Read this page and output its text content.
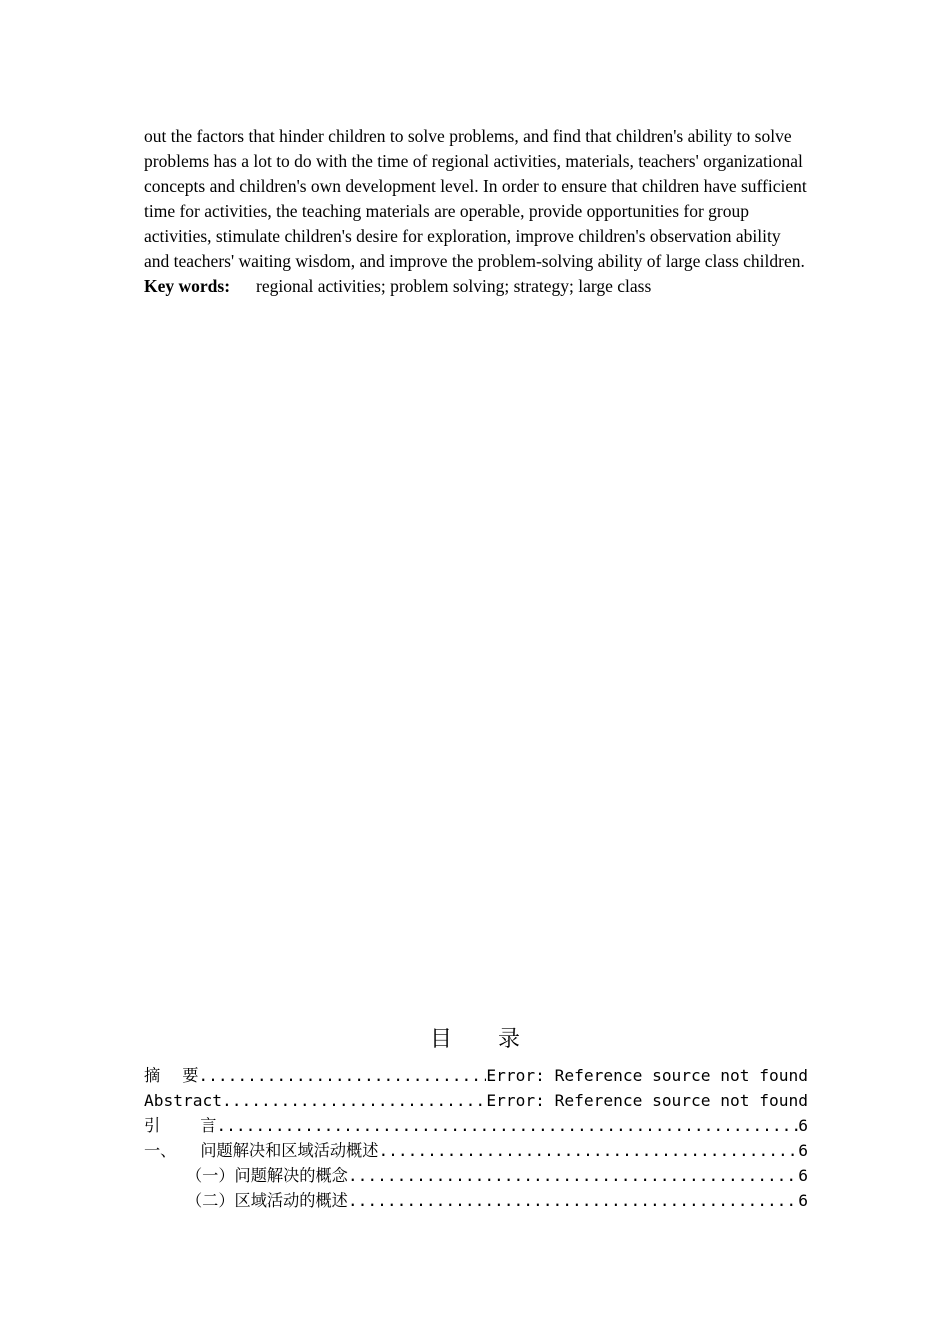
out the factors that hinder children to solve problems, and find that children's ability to solve problems has a lot to do with the time of regional activities, materials, teachers' organizational concepts and children's own development level. In order to ensure that children have sufficient time for activities, the teaching materials are operable, provide opportunities for group activities, stimulate children's desire for exploration, improve children's observation ability and teachers' waiting wisdom, and improve the problem-solving ability of large class children.

Key words: regional activities; problem solving; strategy; large class

目 录
摘 要 .....	Error: Reference source not found
Abstract .....	Error: Reference source not found
引 言 .....	6
一、 问题解决和区域活动概述 .....	6
（一）问题解决的概念 .....	6
（二）区域活动的概述 .....	6
